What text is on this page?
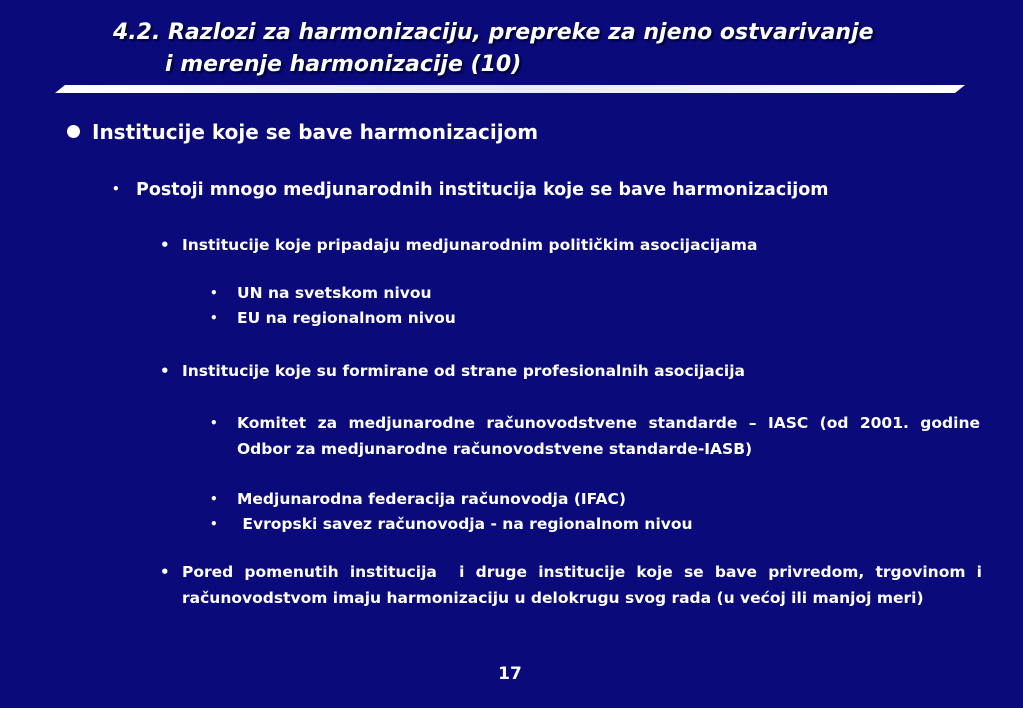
4.2. Razlozi za harmonizaciju, prepreke za njeno ostvarivanje
i merenje harmonizacije (10)
Institucije koje se bave harmonizacijom
• Postoji mnogo medjunarodnih institucija koje se bave harmonizacijom
• Institucije koje pripadaju medjunarodnim političkim asocijacijama
• UN na svetskom nivou
• EU na regionalnom nivou
• Institucije koje su formirane od strane profesionalnih asocijacija
• Komitet za medjunarodne računovodstvene standarde – IASC (od 2001. godine Odbor za medjunarodne računovodstvene standarde-IASB)
• Medjunarodna federacija računovodja (IFAC)
• Evropski savez računovodja - na regionalnom nivou
• Pored pomenutih institucija  i druge institucije koje se bave privredom, trgovinom i računovodstvom imaju harmonizaciju u delokrugu svog rada (u većoj ili manjoj meri)
17
